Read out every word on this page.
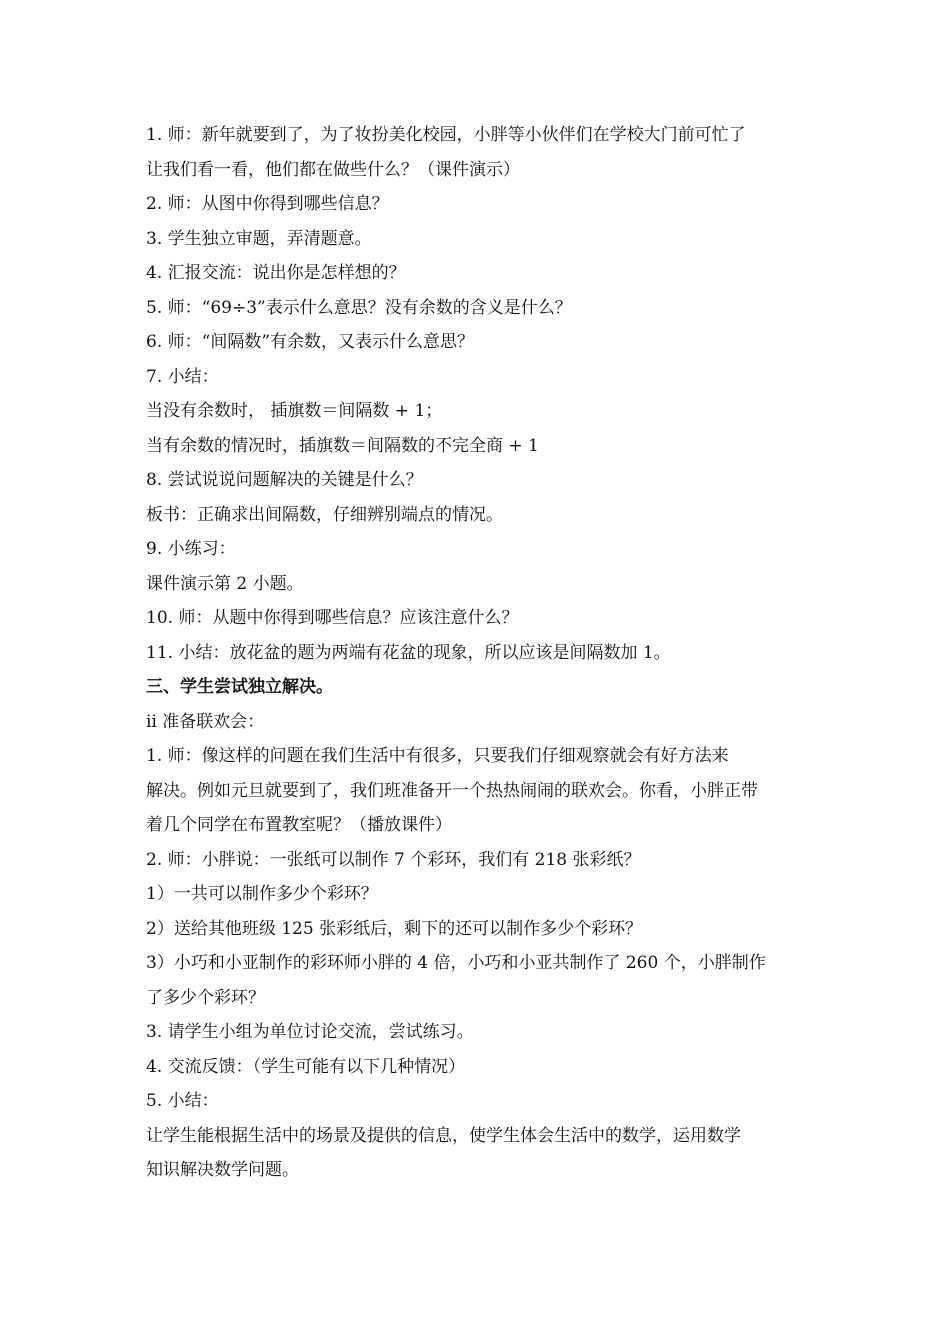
1. 师：新年就要到了，为了妆扮美化校园，小胖等小伙伴们在学校大门前可忙了
让我们看一看，他们都在做些什么？（课件演示）
2. 师：从图中你得到哪些信息？
3. 学生独立审题，弄清题意。
4. 汇报交流：说出你是怎样想的？
5. 师：“69÷3”表示什么意思？没有余数的含义是什么？
6. 师：“间隔数”有余数，又表示什么意思？
7. 小结：
当没有余数时， 插旗数＝间隔数 + 1；
当有余数的情况时，插旗数＝间隔数的不完全商 + 1
8. 尝试说说问题解决的关键是什么？
板书：正确求出间隔数，仔细辨别端点的情况。
9. 小练习：
课件演示第 2 小题。
10. 师：从题中你得到哪些信息？应该注意什么？
11. 小结：放花盆的题为两端有花盆的现象，所以应该是间隔数加 1。
三、学生尝试独立解决。
ⅱ 准备联欢会：
1. 师：像这样的问题在我们生活中有很多，只要我们仔细观察就会有好方法来
解决。例如元旦就要到了，我们班准备开一个热热闹闹的联欢会。你看，小胖正带
着几个同学在布置教室呢？（播放课件）
2. 师：小胖说：一张纸可以制作 7 个彩环，我们有 218 张彩纸？
1）一共可以制作多少个彩环？
2）送给其他班级 125 张彩纸后，剩下的还可以制作多少个彩环？
3）小巧和小亚制作的彩环师小胖的 4 倍，小巧和小亚共制作了 260 个，小胖制作
了多少个彩环？
3. 请学生小组为单位讨论交流，尝试练习。
4. 交流反馈：（学生可能有以下几种情况）
5. 小结：
让学生能根据生活中的场景及提供的信息，使学生体会生活中的数学，运用数学
知识解决数学问题。
